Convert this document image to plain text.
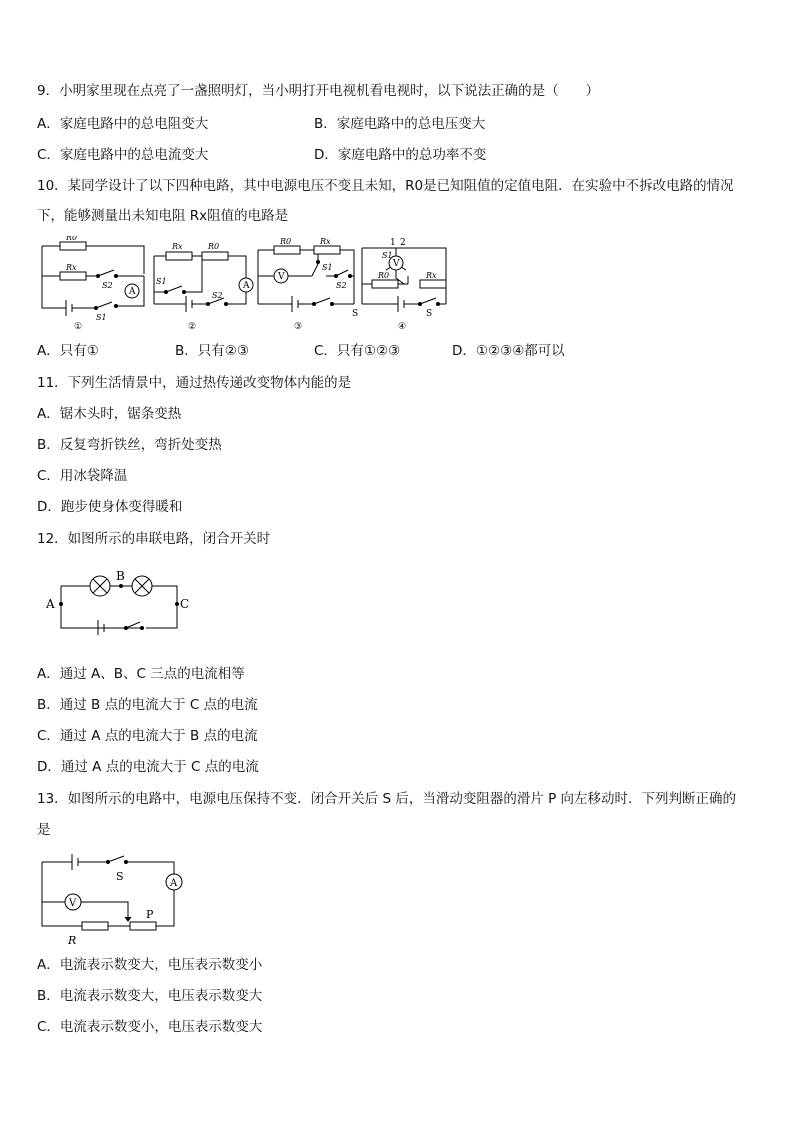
9．小明家里现在点亮了一盏照明灯，当小明打开电视机看电视时，以下说法正确的是（　　）
A．家庭电路中的总电阻变大	B．家庭电路中的总电压变大
C．家庭电路中的总电流变大	D．家庭电路中的总功率不变
10．某同学设计了以下四种电路，其中电源电压不变且未知，R0是已知阻值的定值电阻．在实验中不拆改电路的情况
下，能够测量出未知电阻 Rx阻值的电路是
R0
Rx
S2
S1
Rx	R0
S1
S2
R0	Rx
S1
S2
R0	Rx
S1
A
A
V
V
S	S
1 2
①	②	③	④
A．只有①	B．只有②③	C．只有①②③	D．①②③④都可以
11．下列生活情景中，通过热传递改变物体内能的是
A．锯木头时，锯条变热
B．反复弯折铁丝，弯折处变热
C．用冰袋降温
D．跑步使身体变得暖和
12．如图所示的串联电路，闭合开关时
A
B
C
A．通过 A、B、C 三点的电流相等
B．通过 B 点的电流大于 C 点的电流
C．通过 A 点的电流大于 B 点的电流
D．通过 A 点的电流大于 C 点的电流
13．如图所示的电路中，电源电压保持不变．闭合开关后 S 后，当滑动变阻器的滑片 P 向左移动时．下列判断正确的
是
S
A
V
R
P
A．电流表示数变大，电压表示数变小
B．电流表示数变大，电压表示数变大
C．电流表示数变小，电压表示数变大
